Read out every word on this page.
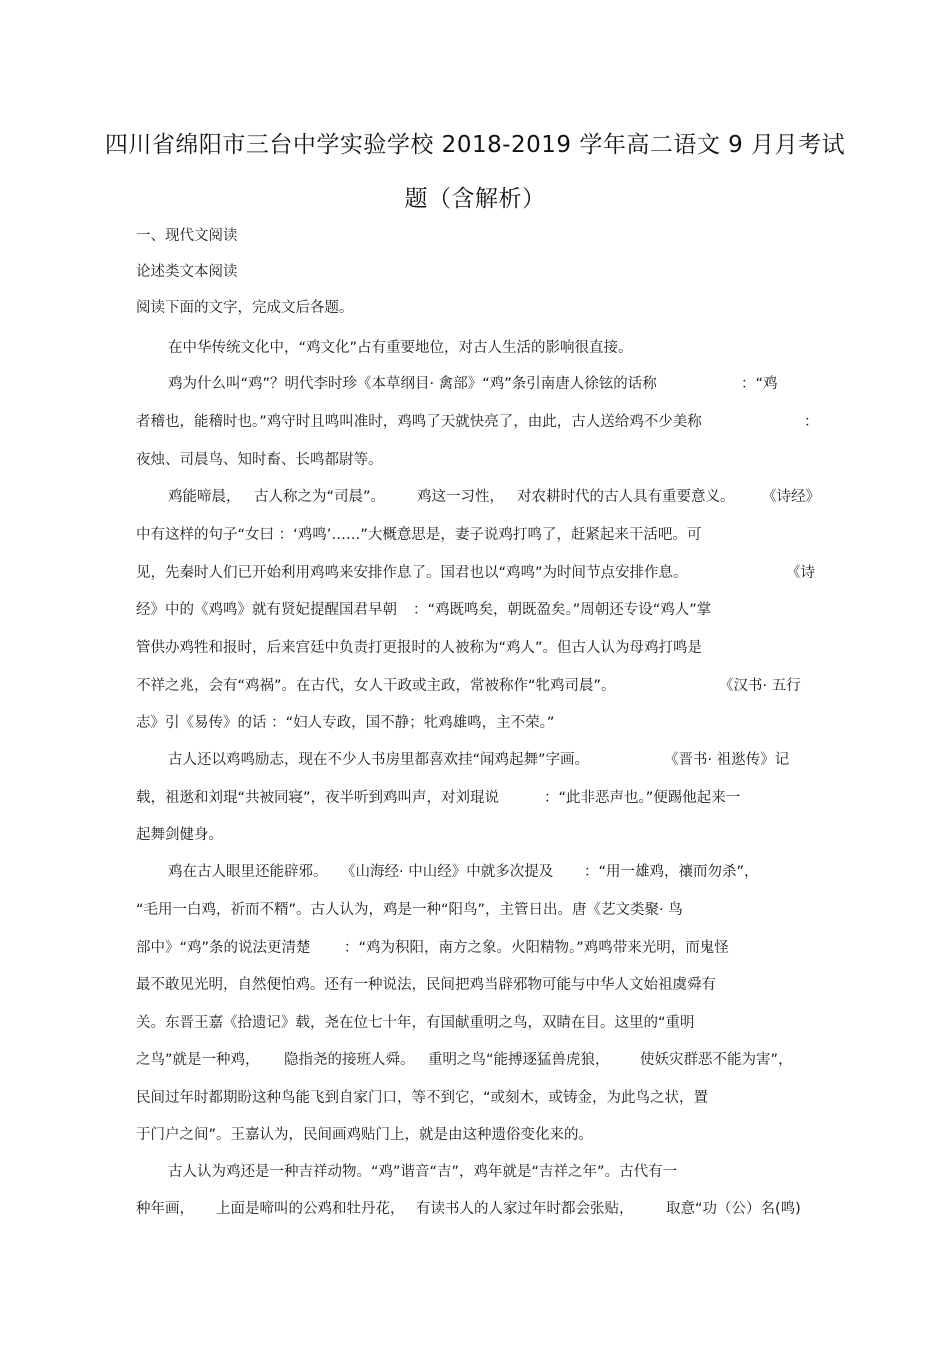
四川省绵阳市三台中学实验学校 2018-2019 学年高二语文 9 月月考试
题（含解析）
一、现代文阅读
论述类文本阅读
阅读下面的文字，完成文后各题。
在中华传统文化中，“鸡文化”占有重要地位，对古人生活的影响很直接。
鸡为什么叫“鸡”？明代李时珍《本草纲目· 禽部》“鸡”条引南唐人徐铉的话称	：“鸡
者稽也，能稽时也。”鸡守时且鸣叫准时，鸡鸣了天就快亮了，由此，古人送给鸡不少美称	：
夜烛、司晨鸟、知时畜、长鸣都尉等。
鸡能啼晨， 古人称之为“司晨”。 鸡这一习性， 对农耕时代的古人具有重要意义。 《诗经》
中有这样的句子“女曰 ：‘鸡鸣’……”大概意思是，妻子说鸡打鸣了，赶紧起来干活吧。可
见，先秦时人们已开始利用鸡鸣来安排作息了。国君也以“鸡鸣”为时间节点安排作息。	《诗
经》中的《鸡鸣》就有贤妃提醒国君早朝 ：“鸡既鸣矣，朝既盈矣。”周朝还专设“鸡人”掌
管供办鸡牲和报时，后来宫廷中负责打更报时的人被称为“鸡人”。但古人认为母鸡打鸣是
不祥之兆，会有“鸡祸”。在古代，女人干政或主政，常被称作“牝鸡司晨”。	《汉书· 五行
志》引《易传》的话 ：“妇人专政，国不静；牝鸡雄鸣，主不荣。”
古人还以鸡鸣励志，现在不少人书房里都喜欢挂“闻鸡起舞”字画。	《晋书· 祖逖传》记
载，祖逖和刘琨“共被同寝”，夜半听到鸡叫声，对刘琨说	：“此非恶声也。”便踢他起来一
起舞剑健身。
鸡在古人眼里还能辟邪。 《山海经· 中山经》中就多次提及 ：“用一雄鸡，禳而勿杀”，
“毛用一白鸡，祈而不糈”。古人认为，鸡是一种“阳鸟”，主管日出。唐《艺文类聚· 鸟
部中》“鸡”条的说法更清楚 ：“鸡为积阳，南方之象。火阳精物。”鸡鸣带来光明，而鬼怪
最不敢见光明，自然便怕鸡。还有一种说法，民间把鸡当辟邪物可能与中华人文始祖虞舜有
关。东晋王嘉《拾遗记》载，尧在位七十年，有国献重明之鸟，双睛在目。这里的“重明
之鸟”就是一种鸡， 隐指尧的接班人舜。 重明之鸟“能搏逐猛兽虎狼， 使妖灾群恶不能为害”，
民间过年时都期盼这种鸟能飞到自家门口，等不到它， “或刻木，或铸金，为此鸟之状，置
于门户之间”。王嘉认为，民间画鸡贴门上，就是由这种遗俗变化来的。
古人认为鸡还是一种吉祥动物。“鸡”谐音“吉”，鸡年就是“吉祥之年”。古代有一
种年画， 上面是啼叫的公鸡和牡丹花， 有读书人的人家过年时都会张贴， 取意“功（公）名(鸣)
